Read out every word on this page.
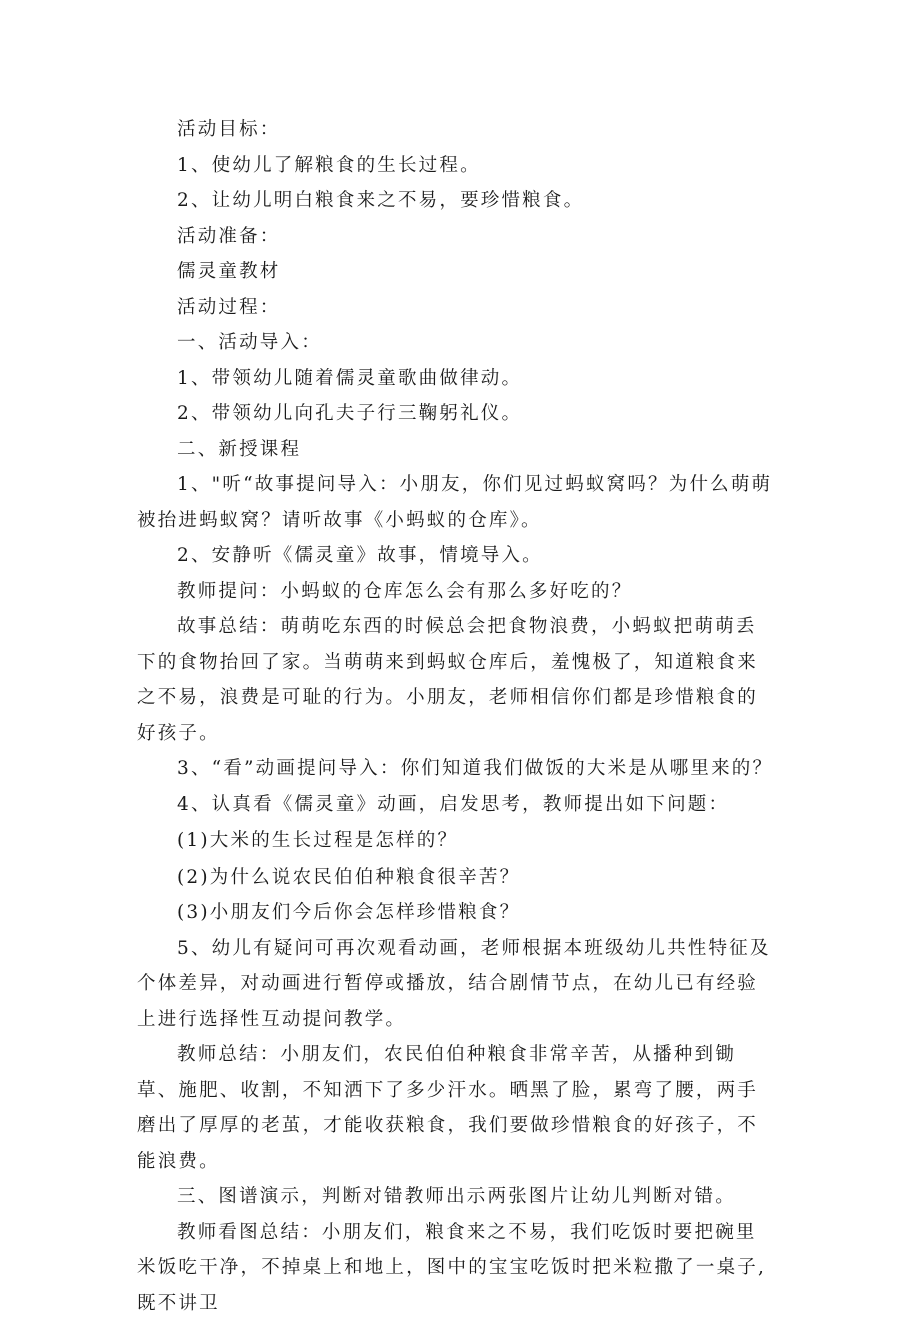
活动目标：

1、使幼儿了解粮食的生长过程。

2、让幼儿明白粮食来之不易，要珍惜粮食。

活动准备：

儒灵童教材

活动过程：

一、活动导入：

1、带领幼儿随着儒灵童歌曲做律动。

2、带领幼儿向孔夫子行三鞠躬礼仪。

二、新授课程

1、"听“故事提问导入：小朋友，你们见过蚂蚁窝吗？为什么萌萌被抬进蚂蚁窝？请听故事《小蚂蚁的仓库》。

2、安静听《儒灵童》故事，情境导入。

教师提问：小蚂蚁的仓库怎么会有那么多好吃的？

故事总结：萌萌吃东西的时候总会把食物浪费，小蚂蚁把萌萌丢下的食物抬回了家。当萌萌来到蚂蚁仓库后，羞愧极了，知道粮食来之不易，浪费是可耻的行为。小朋友，老师相信你们都是珍惜粮食的好孩子。

3、“看”动画提问导入：你们知道我们做饭的大米是从哪里来的？

4、认真看《儒灵童》动画，启发思考，教师提出如下问题：

(1)大米的生长过程是怎样的？

(2)为什么说农民伯伯种粮食很辛苦？

(3)小朋友们今后你会怎样珍惜粮食？

5、幼儿有疑问可再次观看动画，老师根据本班级幼儿共性特征及个体差异，对动画进行暂停或播放，结合剧情节点，在幼儿已有经验上进行选择性互动提问教学。

教师总结：小朋友们，农民伯伯种粮食非常辛苦，从播种到锄草、施肥、收割，不知洒下了多少汗水。晒黑了脸，累弯了腰，两手磨出了厚厚的老茧，才能收获粮食，我们要做珍惜粮食的好孩子，不能浪费。

三、图谱演示，判断对错教师出示两张图片让幼儿判断对错。

教师看图总结：小朋友们，粮食来之不易，我们吃饭时要把碗里米饭吃干净，不掉桌上和地上，图中的宝宝吃饭时把米粒撒了一桌子,既不讲卫
